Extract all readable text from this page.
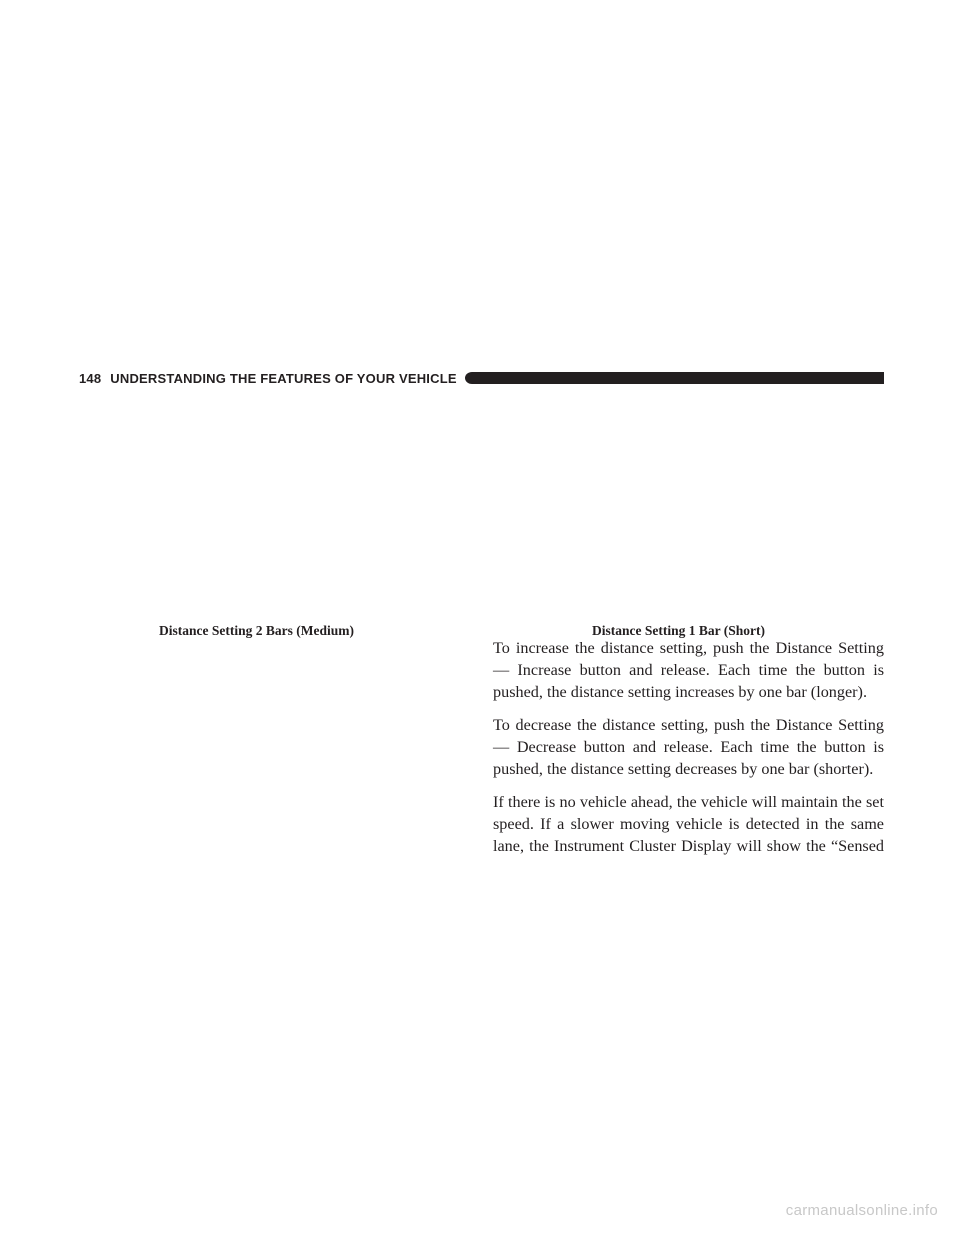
148 UNDERSTANDING THE FEATURES OF YOUR VEHICLE
Distance Setting 2 Bars (Medium)	Distance Setting 1 Bar (Short)

To increase the distance setting, push the Distance Setting
— Increase button and release. Each time the button is
pushed, the distance setting increases by one bar (longer).

To decrease the distance setting, push the Distance Setting
— Decrease button and release. Each time the button is
pushed, the distance setting decreases by one bar (shorter).

If there is no vehicle ahead, the vehicle will maintain the set
speed. If a slower moving vehicle is detected in the same
lane, the Instrument Cluster Display will show the “Sensed

carmanualsonline.info
